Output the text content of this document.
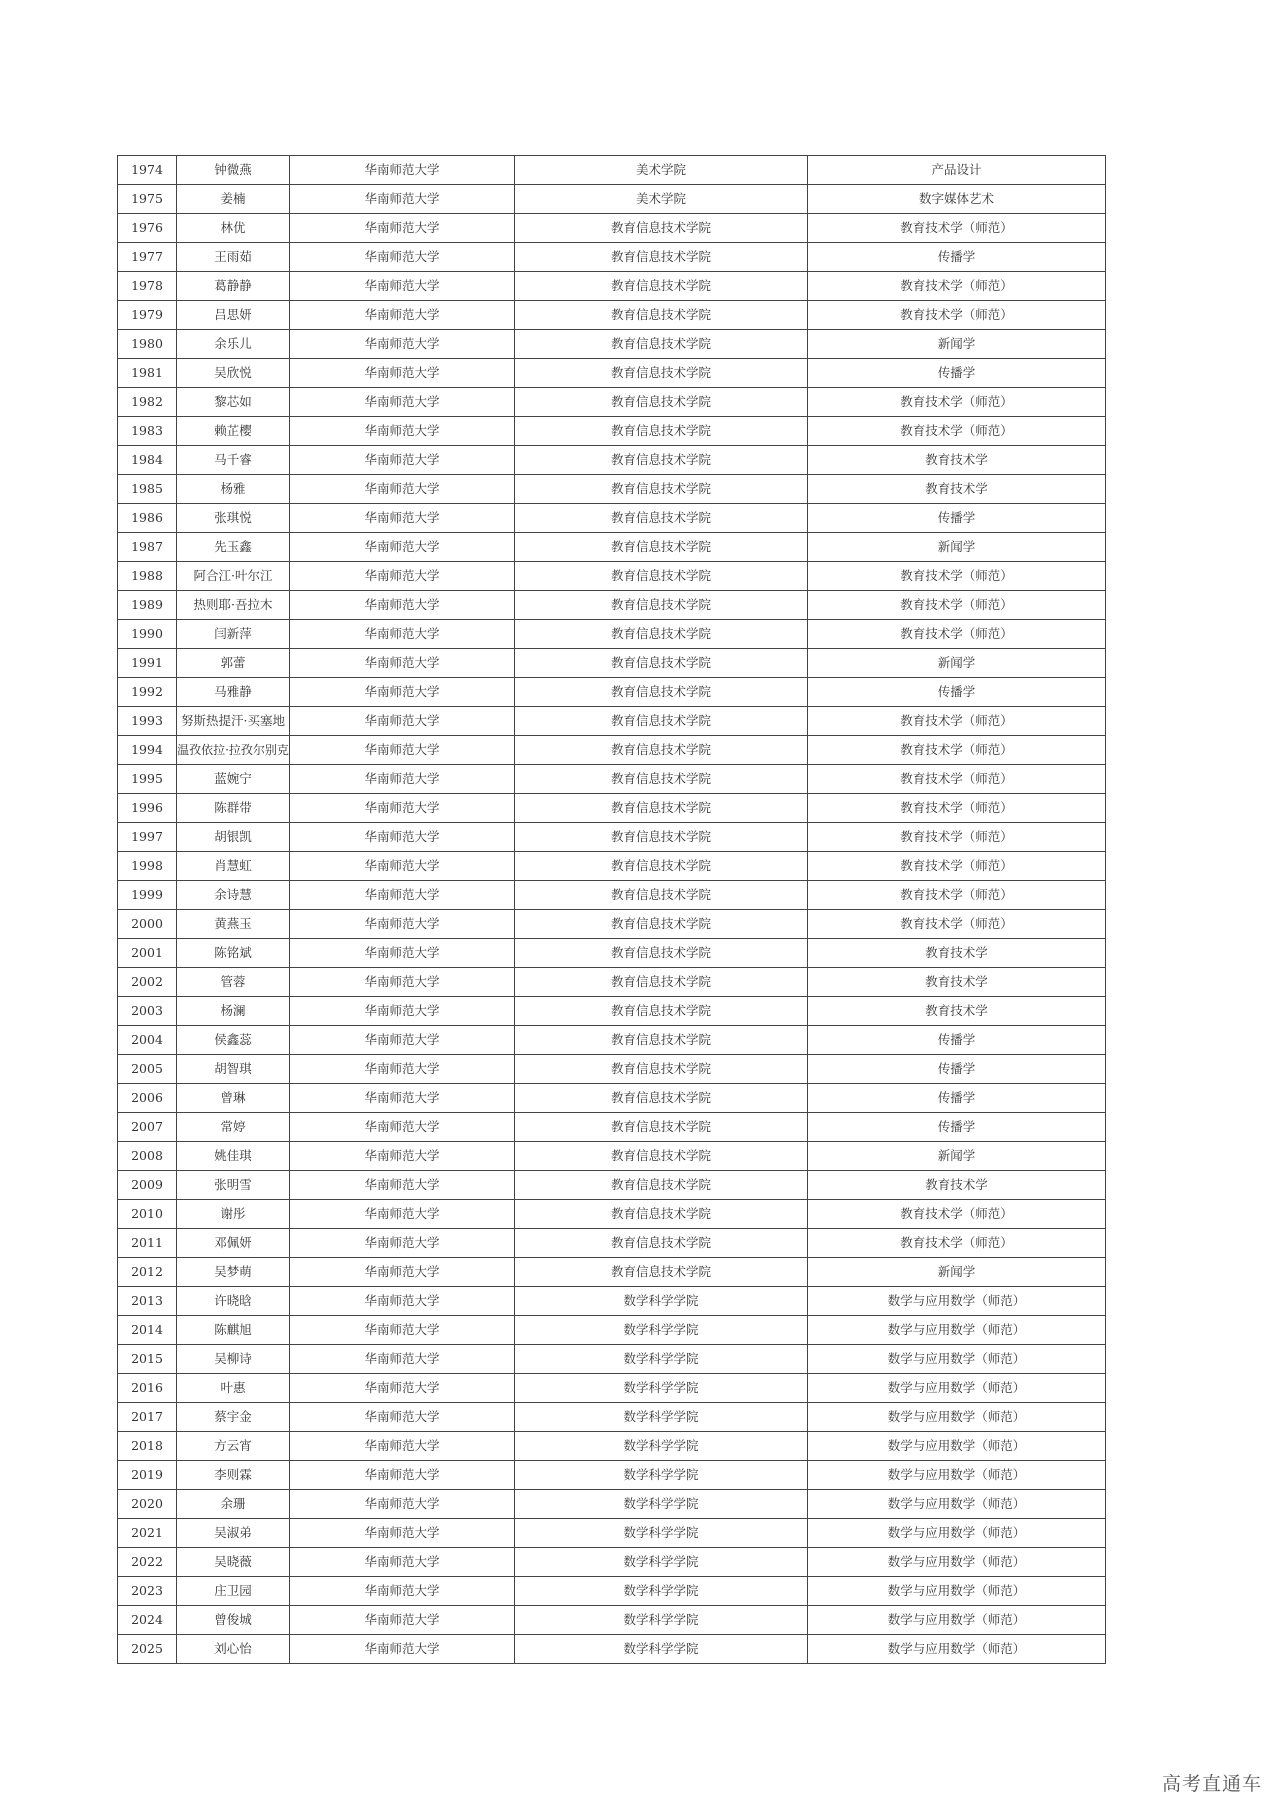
1974	钟微燕	华南师范大学	美术学院	产品设计
1975	姜楠	华南师范大学	美术学院	数字媒体艺术
1976	林优	华南师范大学	教育信息技术学院	教育技术学（师范）
1977	王雨茹	华南师范大学	教育信息技术学院	传播学
1978	葛静静	华南师范大学	教育信息技术学院	教育技术学（师范）
1979	吕思妍	华南师范大学	教育信息技术学院	教育技术学（师范）
1980	余乐儿	华南师范大学	教育信息技术学院	新闻学
1981	吴欣悦	华南师范大学	教育信息技术学院	传播学
1982	黎芯如	华南师范大学	教育信息技术学院	教育技术学（师范）
1983	赖芷樱	华南师范大学	教育信息技术学院	教育技术学（师范）
1984	马千睿	华南师范大学	教育信息技术学院	教育技术学
1985	杨雅	华南师范大学	教育信息技术学院	教育技术学
1986	张琪悦	华南师范大学	教育信息技术学院	传播学
1987	先玉鑫	华南师范大学	教育信息技术学院	新闻学
1988	阿合江·叶尔江	华南师范大学	教育信息技术学院	教育技术学（师范）
1989	热则耶·吾拉木	华南师范大学	教育信息技术学院	教育技术学（师范）
1990	闫新萍	华南师范大学	教育信息技术学院	教育技术学（师范）
1991	郭蕾	华南师范大学	教育信息技术学院	新闻学
1992	马雅静	华南师范大学	教育信息技术学院	传播学
1993	努斯热提汗·买塞地	华南师范大学	教育信息技术学院	教育技术学（师范）
1994	温孜依拉·拉孜尔别克	华南师范大学	教育信息技术学院	教育技术学（师范）
1995	蓝婉宁	华南师范大学	教育信息技术学院	教育技术学（师范）
1996	陈群带	华南师范大学	教育信息技术学院	教育技术学（师范）
1997	胡银凯	华南师范大学	教育信息技术学院	教育技术学（师范）
1998	肖慧虹	华南师范大学	教育信息技术学院	教育技术学（师范）
1999	余诗慧	华南师范大学	教育信息技术学院	教育技术学（师范）
2000	黄燕玉	华南师范大学	教育信息技术学院	教育技术学（师范）
2001	陈铭斌	华南师范大学	教育信息技术学院	教育技术学
2002	管蓉	华南师范大学	教育信息技术学院	教育技术学
2003	杨澜	华南师范大学	教育信息技术学院	教育技术学
2004	侯鑫蕊	华南师范大学	教育信息技术学院	传播学
2005	胡智琪	华南师范大学	教育信息技术学院	传播学
2006	曾琳	华南师范大学	教育信息技术学院	传播学
2007	常婷	华南师范大学	教育信息技术学院	传播学
2008	姚佳琪	华南师范大学	教育信息技术学院	新闻学
2009	张明雪	华南师范大学	教育信息技术学院	教育技术学
2010	谢彤	华南师范大学	教育信息技术学院	教育技术学（师范）
2011	邓佩妍	华南师范大学	教育信息技术学院	教育技术学（师范）
2012	吴梦萌	华南师范大学	教育信息技术学院	新闻学
2013	许晓晗	华南师范大学	数学科学学院	数学与应用数学（师范）
2014	陈麒旭	华南师范大学	数学科学学院	数学与应用数学（师范）
2015	吴柳诗	华南师范大学	数学科学学院	数学与应用数学（师范）
2016	叶惠	华南师范大学	数学科学学院	数学与应用数学（师范）
2017	蔡宇金	华南师范大学	数学科学学院	数学与应用数学（师范）
2018	方云宵	华南师范大学	数学科学学院	数学与应用数学（师范）
2019	李则霖	华南师范大学	数学科学学院	数学与应用数学（师范）
2020	余珊	华南师范大学	数学科学学院	数学与应用数学（师范）
2021	吴淑弟	华南师范大学	数学科学学院	数学与应用数学（师范）
2022	吴晓薇	华南师范大学	数学科学学院	数学与应用数学（师范）
2023	庄卫园	华南师范大学	数学科学学院	数学与应用数学（师范）
2024	曾俊城	华南师范大学	数学科学学院	数学与应用数学（师范）
2025	刘心怡	华南师范大学	数学科学学院	数学与应用数学（师范）
高考直通车
